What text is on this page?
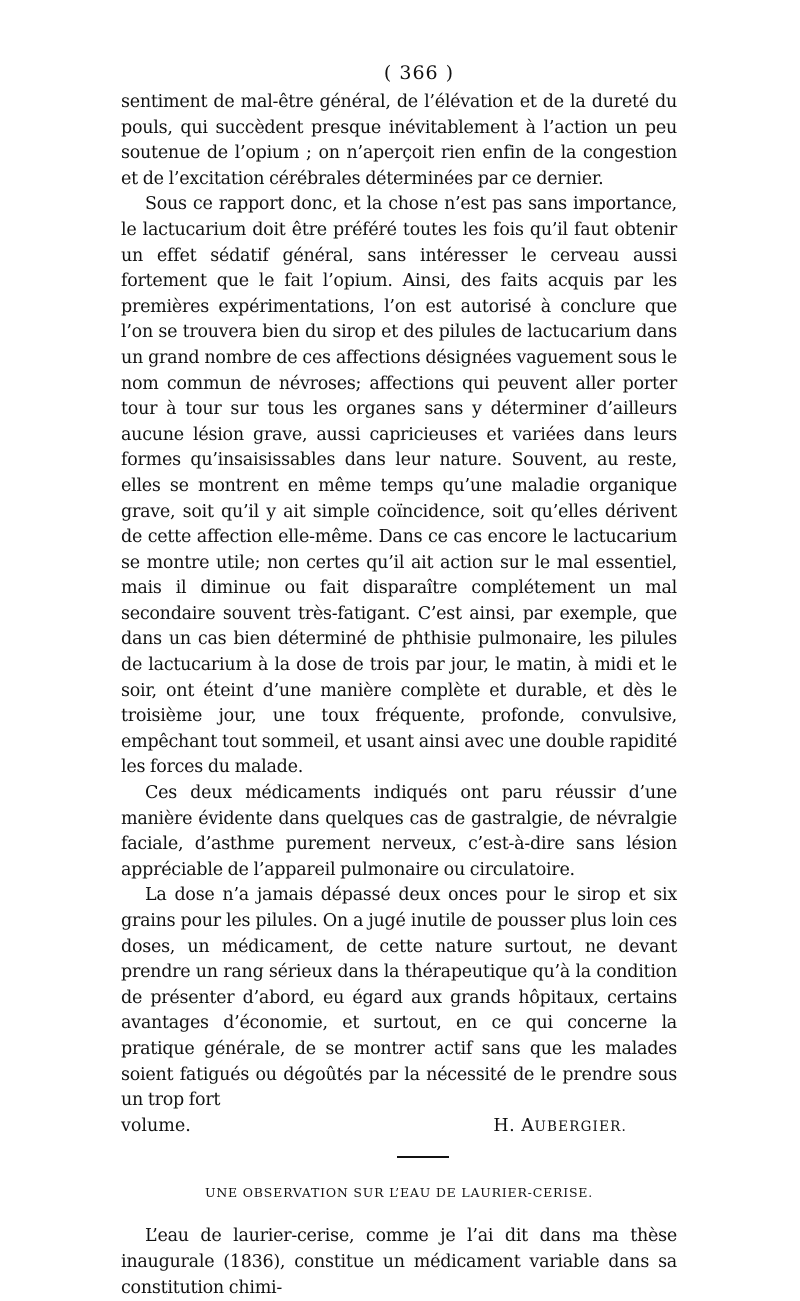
( 366 )

sentiment de mal-être général, de l’élévation et de la dureté du pouls, qui succèdent presque inévitablement à l’action un peu soutenue de l’opium ; on n’aperçoit rien enfin de la congestion et de l’excitation cérébrales déterminées par ce dernier.

Sous ce rapport donc, et la chose n’est pas sans importance, le lactucarium doit être préféré toutes les fois qu’il faut obtenir un effet sédatif général, sans intéresser le cerveau aussi fortement que le fait l’opium. Ainsi, des faits acquis par les premières expérimentations, l’on est autorisé à conclure que l’on se trouvera bien du sirop et des pilules de lactucarium dans un grand nombre de ces affections désignées vaguement sous le nom commun de névroses; affections qui peuvent aller porter tour à tour sur tous les organes sans y déterminer d’ailleurs aucune lésion grave, aussi capricieuses et variées dans leurs formes qu’insaisissables dans leur nature. Souvent, au reste, elles se montrent en même temps qu’une maladie organique grave, soit qu’il y ait simple coïncidence, soit qu’elles dérivent de cette affection elle-même. Dans ce cas encore le lactucarium se montre utile; non certes qu’il ait action sur le mal essentiel, mais il diminue ou fait disparaître complétement un mal secondaire souvent très-fatigant. C’est ainsi, par exemple, que dans un cas bien déterminé de phthisie pulmonaire, les pilules de lactucarium à la dose de trois par jour, le matin, à midi et le soir, ont éteint d’une manière complète et durable, et dès le troisième jour, une toux fréquente, profonde, convulsive, empêchant tout sommeil, et usant ainsi avec une double rapidité les forces du malade.

Ces deux médicaments indiqués ont paru réussir d’une manière évidente dans quelques cas de gastralgie, de névralgie faciale, d’asthme purement nerveux, c’est-à-dire sans lésion appréciable de l’appareil pulmonaire ou circulatoire.

La dose n’a jamais dépassé deux onces pour le sirop et six grains pour les pilules. On a jugé inutile de pousser plus loin ces doses, un médicament, de cette nature surtout, ne devant prendre un rang sérieux dans la thérapeutique qu’à la condition de présenter d’abord, eu égard aux grands hôpitaux, certains avantages d’économie, et surtout, en ce qui concerne la pratique générale, de se montrer actif sans que les malades soient fatigués ou dégoûtés par la nécessité de le prendre sous un trop fort

volume.	H. AUBERGIER.
UNE OBSERVATION SUR L’EAU DE LAURIER-CERISE.

L’eau de laurier-cerise, comme je l’ai dit dans ma thèse inaugurale (1836), constitue un médicament variable dans sa constitution chimi-
